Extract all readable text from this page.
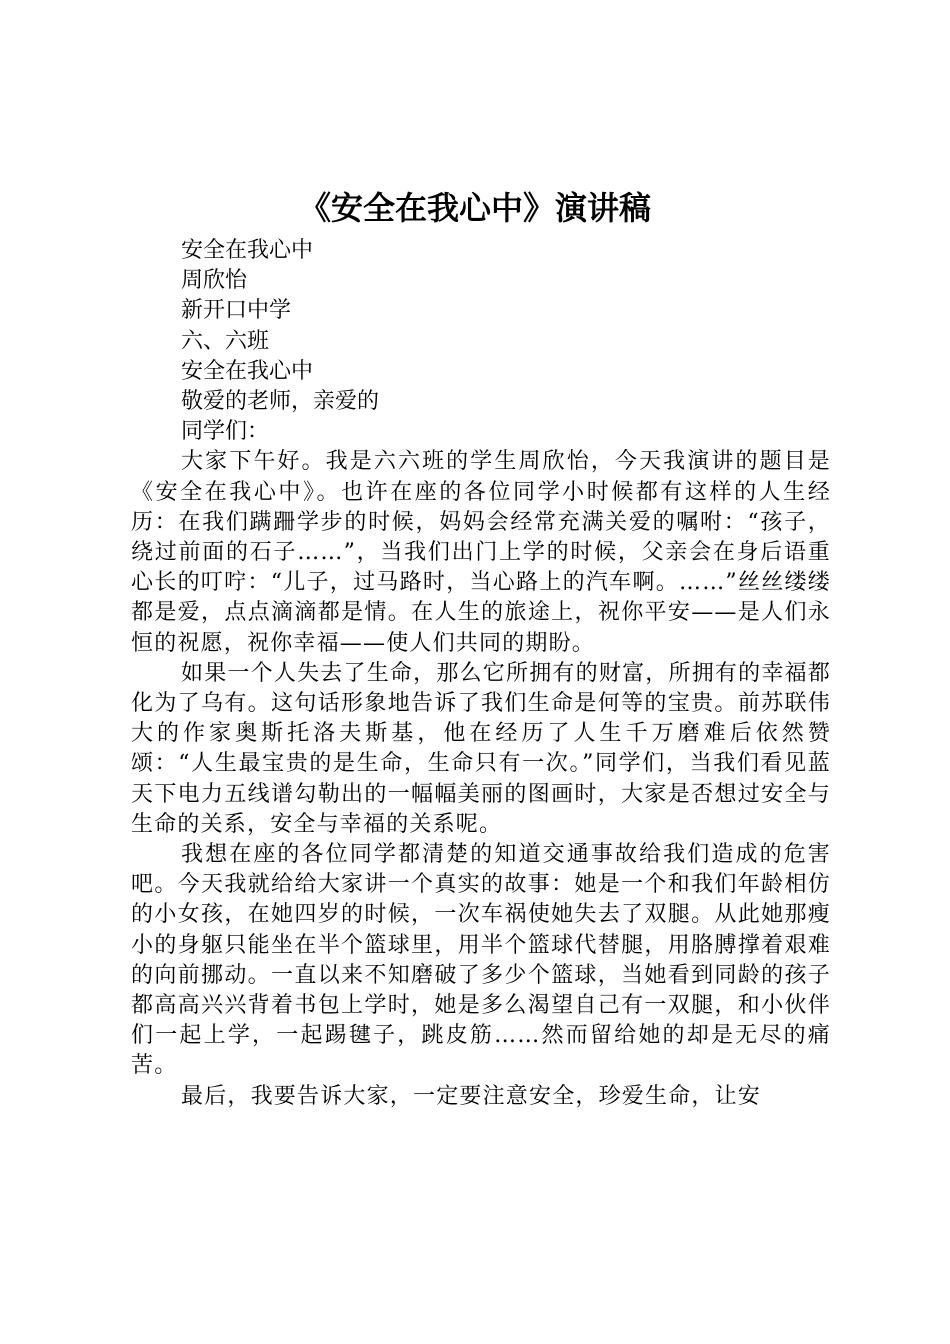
《安全在我心中》演讲稿

安全在我心中

周欣怡

新开口中学

六、六班

安全在我心中

敬爱的老师，亲爱的

同学们：

大家下午好。我是六六班的学生周欣怡，今天我演讲的题目是《安全在我心中》。也许在座的各位同学小时候都有这样的人生经历：在我们蹒跚学步的时候，妈妈会经常充满关爱的嘱咐：“孩子，绕过前面的石子……”，当我们出门上学的时候，父亲会在身后语重心长的叮咛：“儿子，过马路时，当心路上的汽车啊。……”丝丝缕缕都是爱，点点滴滴都是情。在人生的旅途上，祝你平安——是人们永恒的祝愿，祝你幸福——使人们共同的期盼。

如果一个人失去了生命，那么它所拥有的财富，所拥有的幸福都化为了乌有。这句话形象地告诉了我们生命是何等的宝贵。前苏联伟大的作家奥斯托洛夫斯基，他在经历了人生千万磨难后依然赞颂：“人生最宝贵的是生命，生命只有一次。”同学们，当我们看见蓝天下电力五线谱勾勒出的一幅幅美丽的图画时，大家是否想过安全与生命的关系，安全与幸福的关系呢。

我想在座的各位同学都清楚的知道交通事故给我们造成的危害吧。今天我就给给大家讲一个真实的故事：她是一个和我们年龄相仿的小女孩，在她四岁的时候，一次车祸使她失去了双腿。从此她那瘦小的身躯只能坐在半个篮球里，用半个篮球代替腿，用胳膊撑着艰难的向前挪动。一直以来不知磨破了多少个篮球，当她看到同龄的孩子都高高兴兴背着书包上学时，她是多么渴望自己有一双腿，和小伙伴们一起上学，一起踢毽子，跳皮筋……然而留给她的却是无尽的痛苦。

最后，我要告诉大家，一定要注意安全，珍爱生命，让安
